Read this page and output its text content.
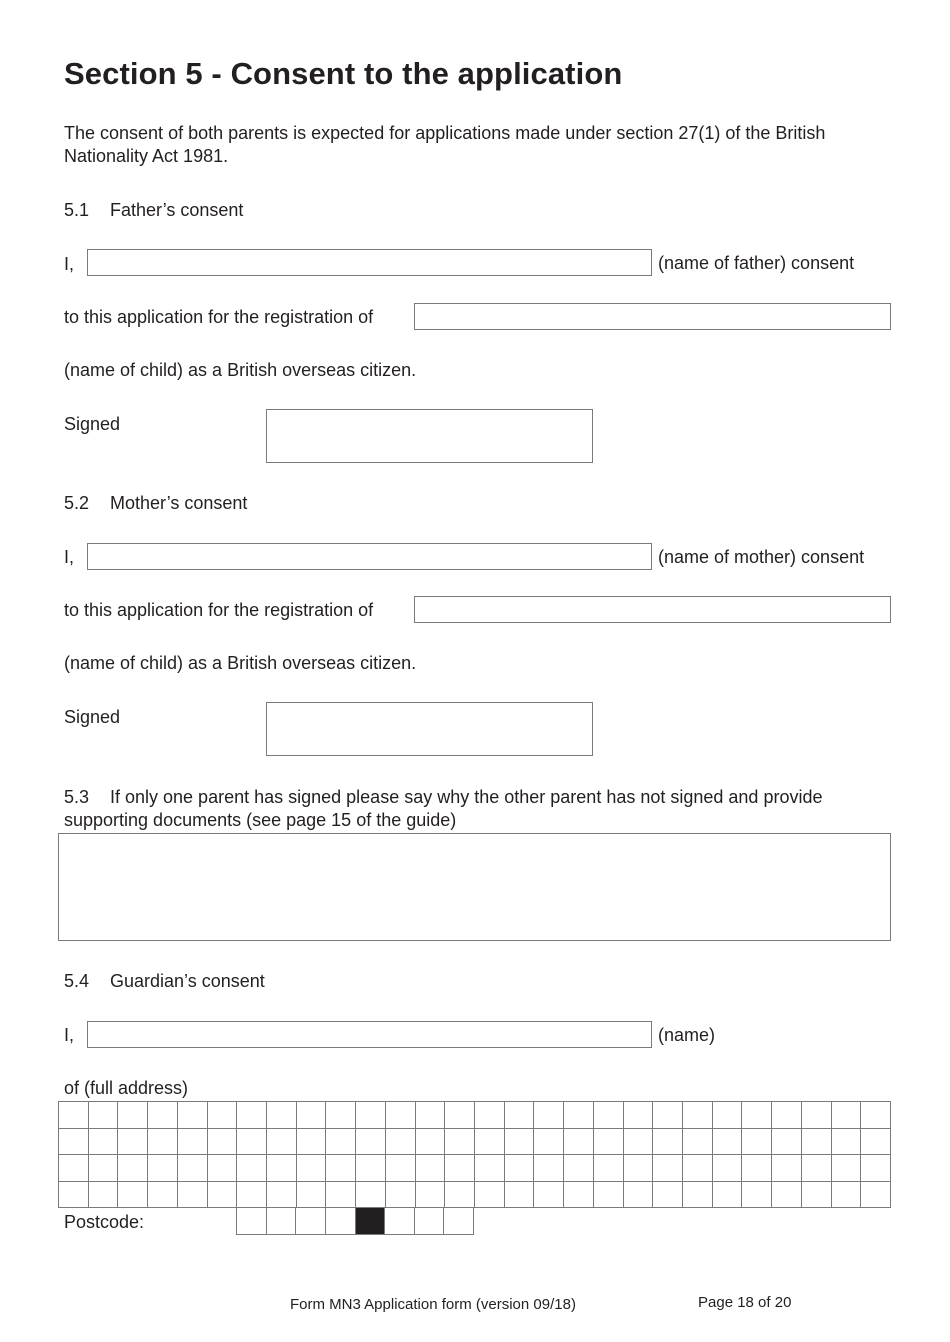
Section 5 - Consent to the application
The consent of both parents is expected for applications made under section 27(1) of the British
Nationality Act 1981.
5.1 Father’s consent
I,	(name of father) consent
to this application for the registration of
(name of child) as a British overseas citizen.
Signed
5.2 Mother’s consent
I,	(name of mother) consent
to this application for the registration of
(name of child) as a British overseas citizen.
Signed
5.3 If only one parent has signed please say why the other parent has not signed and provide
supporting documents (see page 15 of the guide)
5.4 Guardian’s consent
I,	(name)
of (full address)
Postcode:
Form MN3 Application form (version 09/18)	Page 18 of 20
